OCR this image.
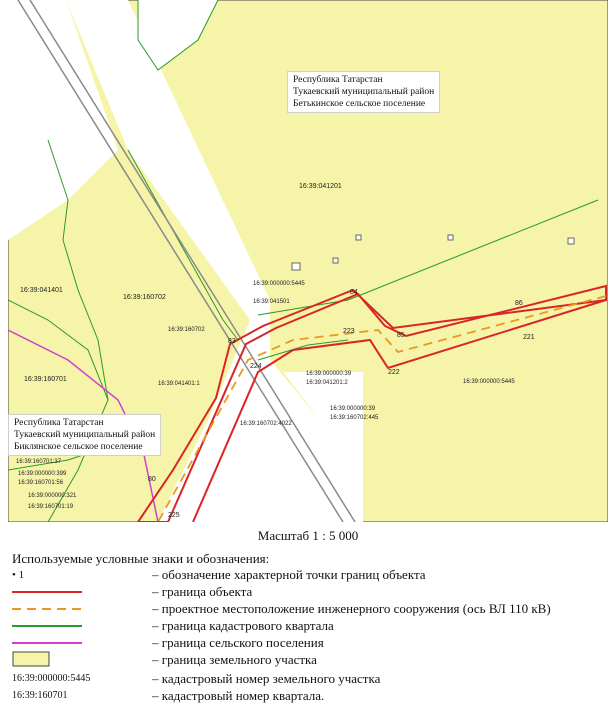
16:39:041201
16:39:160702
16:39:041401
16:39:160701
16:39:000000:5445
16:39:041501
16:39:160702
16:39:041401:1
16:39:000000:39
16:39:041201:2	16:39:000000:5445
16:39:000000:39
16:39:160702:445
16:39:160702:4022
16:39:160701:37
16:39:000000:399
16:39:160701:56
16:39:000000:321
16:39:160701:19
84
86
85
223
222
221
83
224
80
225
Республика Татарстан
Тукаевский муниципальный район
Бетькинское сельское поселение
Республика Татарстан
Тукаевский муниципальный район
Биклянское сельское поселение
Масштаб 1 : 5 000
Используемые условные знаки и обозначения:
• 1	– обозначение характерной точки границ объекта
– граница объекта
– проектное местоположение инженерного сооружения (ось ВЛ 110 кВ)
– граница кадастрового квартала
– граница сельского поселения
– граница земельного участка
16:39:000000:5445	– кадастровый номер земельного участка
16:39:160701	– кадастровый номер квартала.
